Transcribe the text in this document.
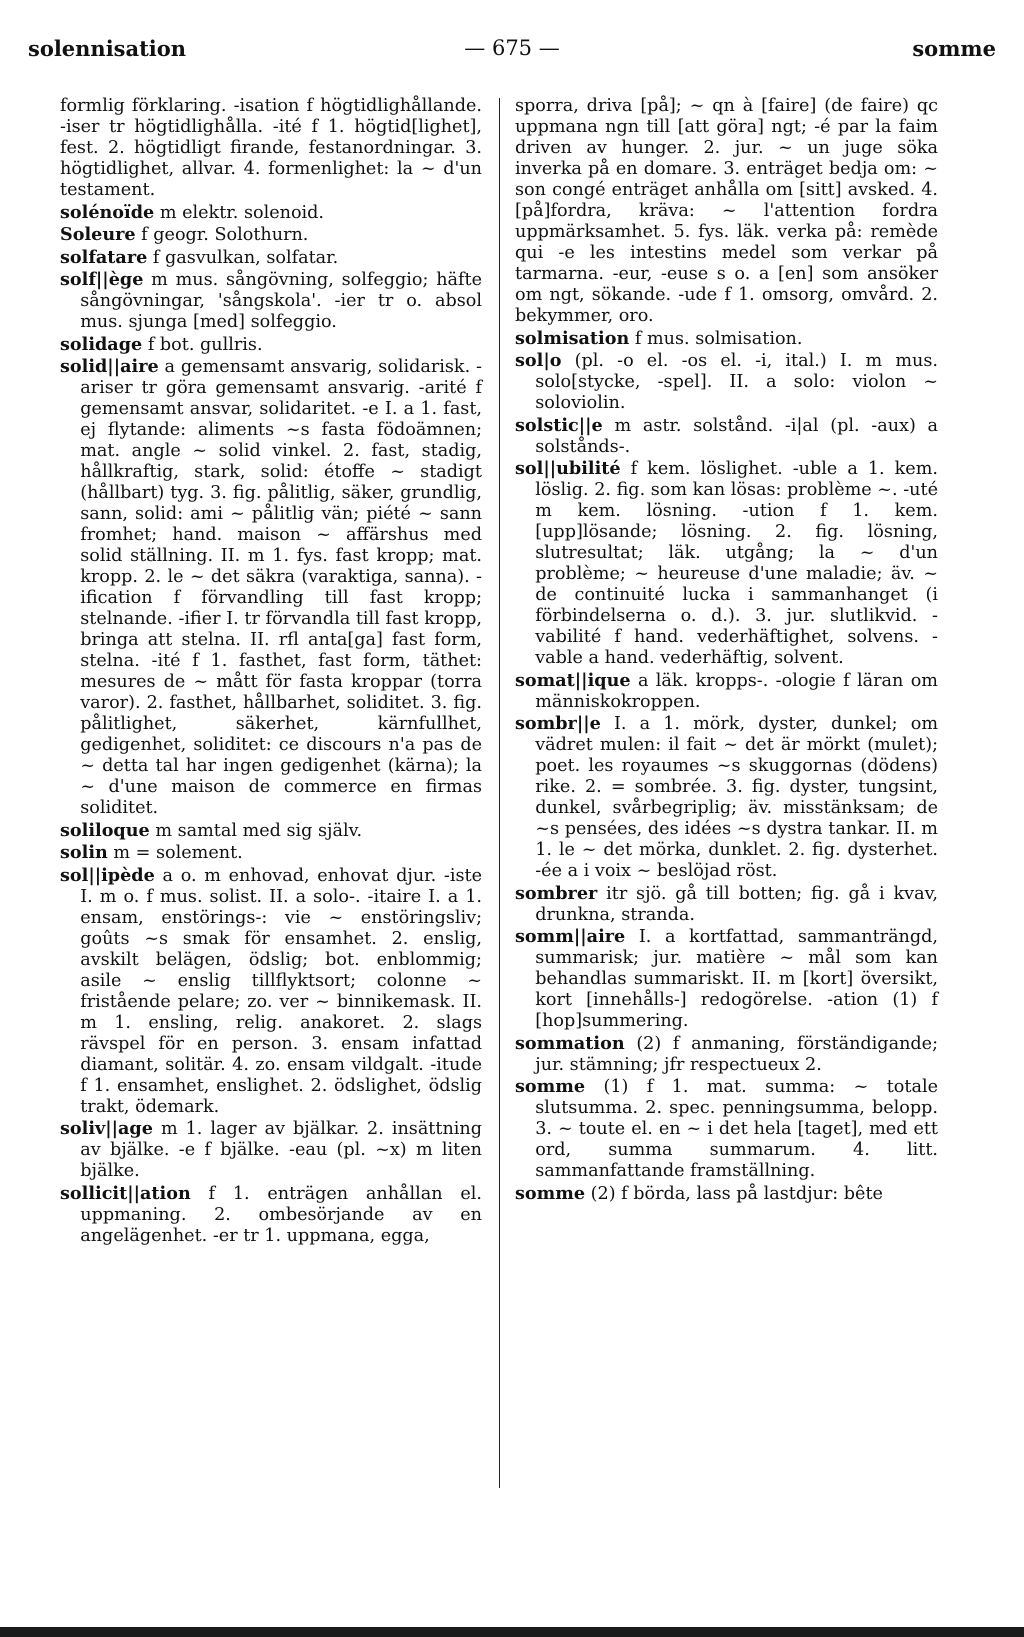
— 675 —
solennisation	somme

formlig förklaring. -isation f högtidlighållande. -iser tr högtidlighålla. -ité f 1. högtid[lighet], fest. 2. högtidligt firande, festanordningar. 3. högtidlighet, allvar. 4. formenlighet: la ~ d'un testament.

solénoïde m elektr. solenoid.

Soleure f geogr. Solothurn.

solfatare f gasvulkan, solfatar.

solf||ège m mus. sångövning, solfeggio; häfte sångövningar, 'sångskola'. -ier tr o. absol mus. sjunga [med] solfeggio.

solidage f bot. gullris.

solid||aire a gemensamt ansvarig, solidarisk. -ariser tr göra gemensamt ansvarig. -arité f gemensamt ansvar, solidaritet. -e I. a 1. fast, ej flytande: aliments ~s fasta födoämnen; mat. angle ~ solid vinkel. 2. fast, stadig, hållkraftig, stark, solid: étoffe ~ stadigt (hållbart) tyg. 3. fig. pålitlig, säker, grundlig, sann, solid: ami ~ pålitlig vän; piété ~ sann fromhet; hand. maison ~ affärshus med solid ställning. II. m 1. fys. fast kropp; mat. kropp. 2. le ~ det säkra (varaktiga, sanna). -ification f förvandling till fast kropp; stelnande. -ifier I. tr förvandla till fast kropp, bringa att stelna. II. rfl anta[ga] fast form, stelna. -ité f 1. fasthet, fast form, täthet: mesures de ~ mått för fasta kroppar (torra varor). 2. fasthet, hållbarhet, soliditet. 3. fig. pålitlighet, säkerhet, kärnfullhet, gedigenhet, soliditet: ce discours n'a pas de ~ detta tal har ingen gedigenhet (kärna); la ~ d'une maison de commerce en firmas soliditet.

soliloque m samtal med sig själv.

solin m = solement.

sol||ipède a o. m enhovad, enhovat djur. -iste I. m o. f mus. solist. II. a solo-. -itaire I. a 1. ensam, enstörings-: vie ~ enstöringsliv; goûts ~s smak för ensamhet. 2. enslig, avskilt belägen, ödslig; bot. enblommig; asile ~ enslig tillflyktsort; colonne ~ fristående pelare; zo. ver ~ binnikemask. II. m 1. ensling, relig. anakoret. 2. slags rävspel för en person. 3. ensam infattad diamant, solitär. 4. zo. ensam vildgalt. -itude f 1. ensamhet, enslighet. 2. ödslighet, ödslig trakt, ödemark.

soliv||age m 1. lager av bjälkar. 2. insättning av bjälke. -e f bjälke. -eau (pl. ~x) m liten bjälke.

sollicit||ation f 1. enträgen anhållan el. uppmaning. 2. ombesörjande av en angelägenhet. -er tr 1. uppmana, egga,

sporra, driva [på]; ~ qn à [faire] (de faire) qc uppmana ngn till [att göra] ngt; -é par la faim driven av hunger. 2. jur. ~ un juge söka inverka på en domare. 3. enträget bedja om: ~ son congé enträget anhålla om [sitt] avsked. 4. [på]fordra, kräva: ~ l'attention fordra uppmärksamhet. 5. fys. läk. verka på: remède qui -e les intestins medel som verkar på tarmarna. -eur, -euse s o. a [en] som ansöker om ngt, sökande. -ude f 1. omsorg, omvård. 2. bekymmer, oro.

solmisation f mus. solmisation.

sol|o (pl. -o el. -os el. -i, ital.) I. m mus. solo[stycke, -spel]. II. a solo: violon ~ soloviolin.

solstic||e m astr. solstånd. -i|al (pl. -aux) a solstånds-.

sol||ubilité f kem. löslighet. -uble a 1. kem. löslig. 2. fig. som kan lösas: problème ~. -uté m kem. lösning. -ution f 1. kem. [upp]lösande; lösning. 2. fig. lösning, slutresultat; läk. utgång; la ~ d'un problème; ~ heureuse d'une maladie; äv. ~ de continuité lucka i sammanhanget (i förbindelserna o. d.). 3. jur. slutlikvid. -vabilité f hand. vederhäftighet, solvens. -vable a hand. vederhäftig, solvent.

somat||ique a läk. kropps-. -ologie f läran om människokroppen.

sombr||e I. a 1. mörk, dyster, dunkel; om vädret mulen: il fait ~ det är mörkt (mulet); poet. les royaumes ~s skuggornas (dödens) rike. 2. = sombrée. 3. fig. dyster, tungsint, dunkel, svårbegriplig; äv. misstänksam; de ~s pensées, des idées ~s dystra tankar. II. m 1. le ~ det mörka, dunklet. 2. fig. dysterhet. -ée a i voix ~ beslöjad röst.

sombrer itr sjö. gå till botten; fig. gå i kvav, drunkna, stranda.

somm||aire I. a kortfattad, sammanträngd, summarisk; jur. matière ~ mål som kan behandlas summariskt. II. m [kort] översikt, kort [innehålls-] redogörelse. -ation (1) f [hop]summering.

sommation (2) f anmaning, förständigande; jur. stämning; jfr respectueux 2.

somme (1) f 1. mat. summa: ~ totale slutsumma. 2. spec. penningsumma, belopp. 3. ~ toute el. en ~ i det hela [taget], med ett ord, summa summarum. 4. litt. sammanfattande framställning.

somme (2) f börda, lass på lastdjur: bête
